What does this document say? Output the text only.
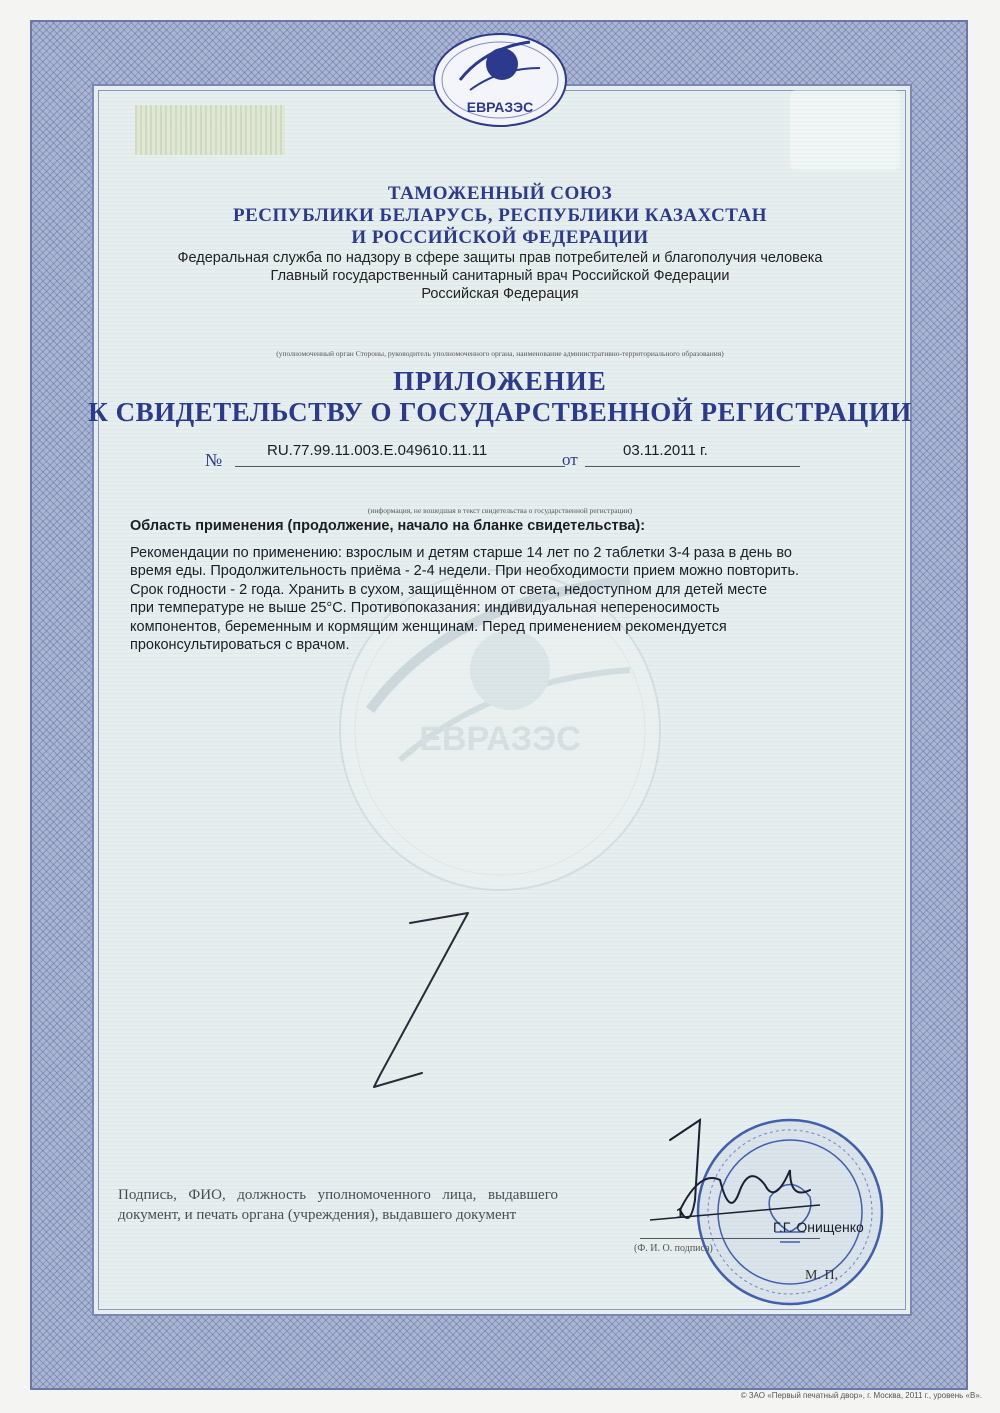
ЕВРАЗЭС
ЕВРАЗЭС
ТАМОЖЕННЫЙ СОЮЗ
РЕСПУБЛИКИ БЕЛАРУСЬ, РЕСПУБЛИКИ КАЗАХСТАН
И РОССИЙСКОЙ ФЕДЕРАЦИИ
Федеральная служба по надзору в сфере защиты прав потребителей и благополучия человека
Главный государственный санитарный врач Российской Федерации
Российская Федерация
(уполномоченный орган Стороны, руководитель уполномоченного органа, наименование административно-территориального образования)
ПРИЛОЖЕНИЕ
К СВИДЕТЕЛЬСТВУ О ГОСУДАРСТВЕННОЙ РЕГИСТРАЦИИ
№	RU.77.99.11.003.E.049610.11.11	от	03.11.2011 г.
(информация, не вошедшая в текст свидетельства о государственной регистрации)
Область применения (продолжение, начало на бланке свидетельства):
Рекомендации по применению: взрослым и детям старше 14 лет по 2 таблетки 3-4 раза в день во
время еды. Продолжительность приёма - 2-4 недели. При необходимости прием можно повторить.
Срок годности - 2 года. Хранить в сухом, защищённом от света, недоступном для детей месте
при температуре не выше 25°C. Противопоказания: индивидуальная непереносимость
компонентов, беременным и кормящим женщинам. Перед применением рекомендуется
проконсультироваться с врачом.
Подпись, ФИО, должность уполномоченного лица, выдавшего документ, и печать органа (учреждения), выдавшего документ	1
Г.Г. Онищенко
(Ф. И. О. подписа)
М. П.
© ЗАО «Первый печатный двор», г. Москва, 2011 г., уровень «В».
